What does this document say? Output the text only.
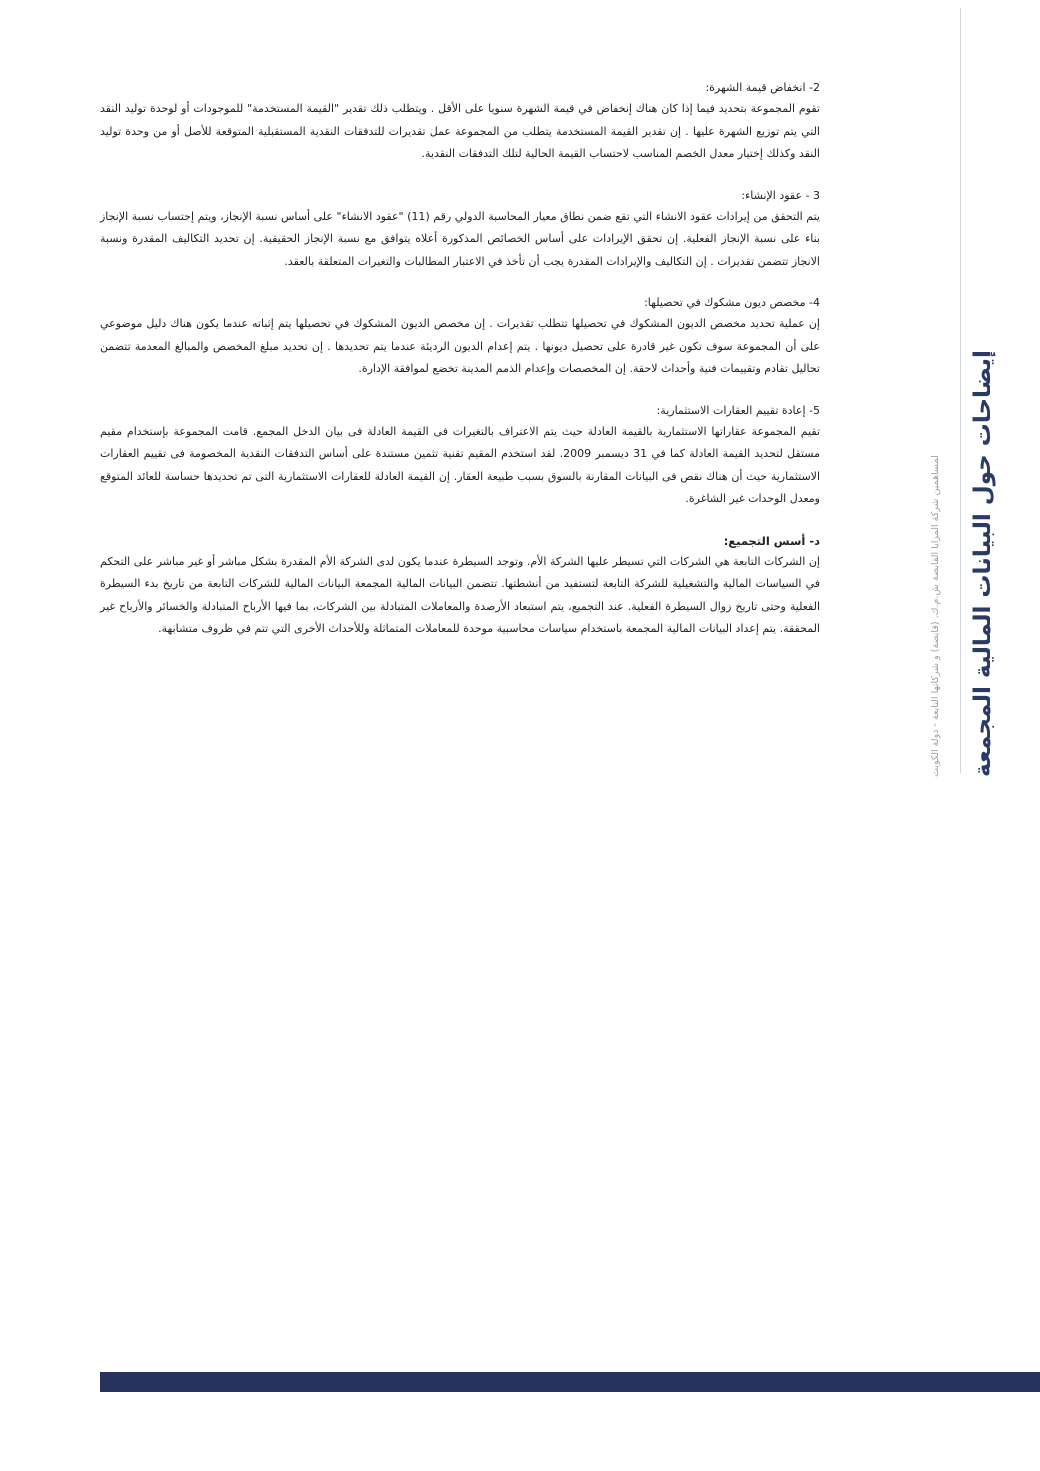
2- انخفاض قيمة الشهرة:

تقوم المجموعة بتحديد فيما إذا كان هناك إنخفاض في قيمة الشهرة سنويا على الأقل . ويتطلب ذلك تقدير "القيمة المستخدمة" للموجودات أو لوحدة توليد النقد التي يتم توزيع الشهرة عليها . إن تقدير القيمة المستخدمة يتطلب من المجموعة عمل تقديرات للتدفقات النقدية المستقبلية المتوقعة للأصل أو من وحدة توليد النقد وكذلك إختيار معدل الخصم المناسب لاحتساب القيمة الحالية لتلك التدفقات النقدية.

3 - عقود الإنشاء:

يتم التحقق من إيرادات عقود الانشاء التي تقع ضمن نطاق معيار المحاسبة الدولي رقم (11) "عقود الانشاء" على أساس نسبة الإنجاز، ويتم إحتساب نسبة الإنجاز بناء على نسبة الإنجاز الفعلية. إن تحقق الإيرادات على أساس الخصائص المذكورة أعلاه يتوافق مع نسبة الإنجاز الحقيقية. إن تحديد التكاليف المقدرة ونسبة الانجاز تتضمن تقديرات . إن التكاليف والإيرادات المقدرة يجب أن تأخذ في الاعتبار المطالبات والتغيرات المتعلقة بالعقد.

4- مخصص ديون مشكوك في تحصيلها:

إن عملية تحديد مخصص الديون المشكوك في تحصيلها تتطلب تقديرات . إن مخصص الديون المشكوك في تحصيلها يتم إثباته عندما يكون هناك دليل موضوعي على أن المجموعة سوف تكون غير قادرة على تحصيل ديونها . يتم إعدام الديون الرديئة عندما يتم تحديدها . إن تحديد مبلغ المخصص والمبالغ المعدمة تتضمن تحاليل تقادم وتقييمات فنية وأحداث لاحقة. إن المخصصات وإعدام الذمم المدينة تخضع لموافقة الإدارة.

5- إعادة تقييم العقارات الاستثمارية:

تقيم المجموعة عقاراتها الاستثمارية بالقيمة العادلة حيث يتم الاعتراف بالتغيرات فى القيمة العادلة فى بيان الدخل المجمع. قامت المجموعة بإستخدام مقيم مستقل لتحديد القيمة العادلة كما في 31 ديسمبر 2009. لقد استخدم المقيم تقنية تثمين مستندة على أساس التدفقات النقدية المخصومة فى تقييم العقارات الاستثمارية حيث أن هناك نقص فى البيانات المقارنة بالسوق بسبب طبيعة العقار. إن القيمة العادلة للعقارات الاستثمارية التى تم تحديدها حساسة للعائد المتوقع ومعدل الوحدات غير الشاغرة.

د- أسس التجميع:

إن الشركات التابعة هي الشركات التي تسيطر عليها الشركة الأم. وتوجد السيطرة عندما يكون لدى الشركة الأم المقدرة بشكل مباشر أو غير مباشر على التحكم في السياسات المالية والتشغيلية للشركة التابعة لتستفيد من أنشطتها. تتضمن البيانات المالية المجمعة البيانات المالية للشركات التابعة من تاريخ بدء السيطرة الفعلية وحتى تاريخ زوال السيطرة الفعلية. عند التجميع، يتم استبعاد الأرصدة والمعاملات المتبادلة بين الشركات، بما فيها الأرباح المتبادلة والخسائر والأرباح غير المحققة. يتم إعداد البيانات المالية المجمعة باستخدام سياسات محاسبية موحدة للمعاملات المتماثلة وللأحداث الأخرى التي تتم في ظروف متشابهة.	إيضاحات حول البيانات المالية المجمعة
لمساهمين شركة المزايا القابضة ش.م.ك. (قابضة) و شركاتها التابعة - دولة الكويت
